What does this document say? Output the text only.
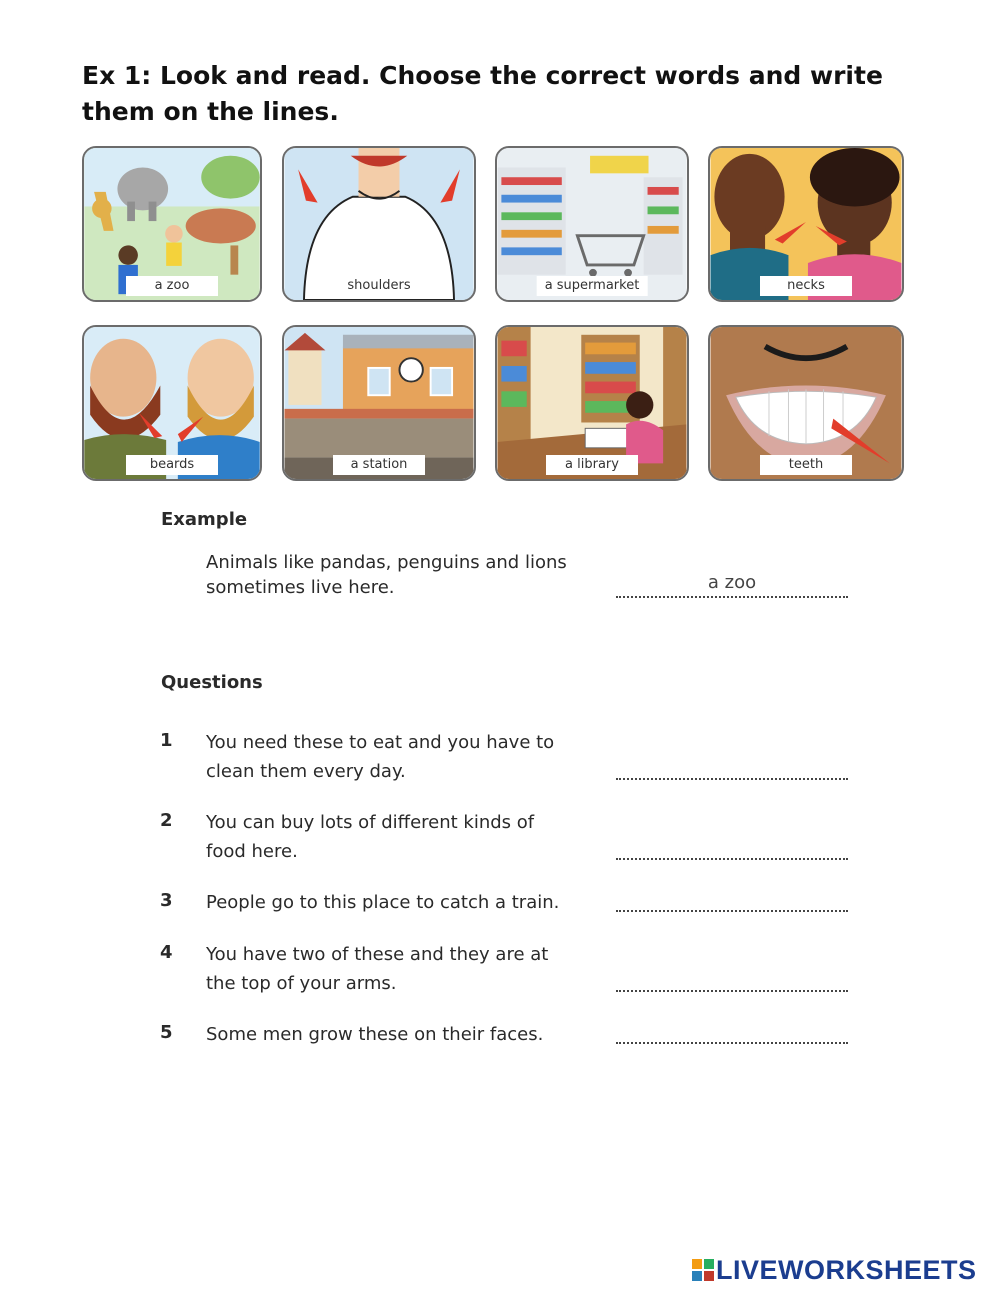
Ex 1: Look and read. Choose the correct words and write them on the lines.
a zoo	shoulders	a supermarket	necks
beards	a station	a library	teeth
Example
Animals like pandas, penguins and lions
sometimes live here.	a zoo
Questions
1 You need these to eat and you have to
clean them every day.
2 You can buy lots of different kinds of
food here.
3 People go to this place to catch a train.
4 You have two of these and they are at
the top of your arms.
5 Some men grow these on their faces.
LIVEWORKSHEETS
